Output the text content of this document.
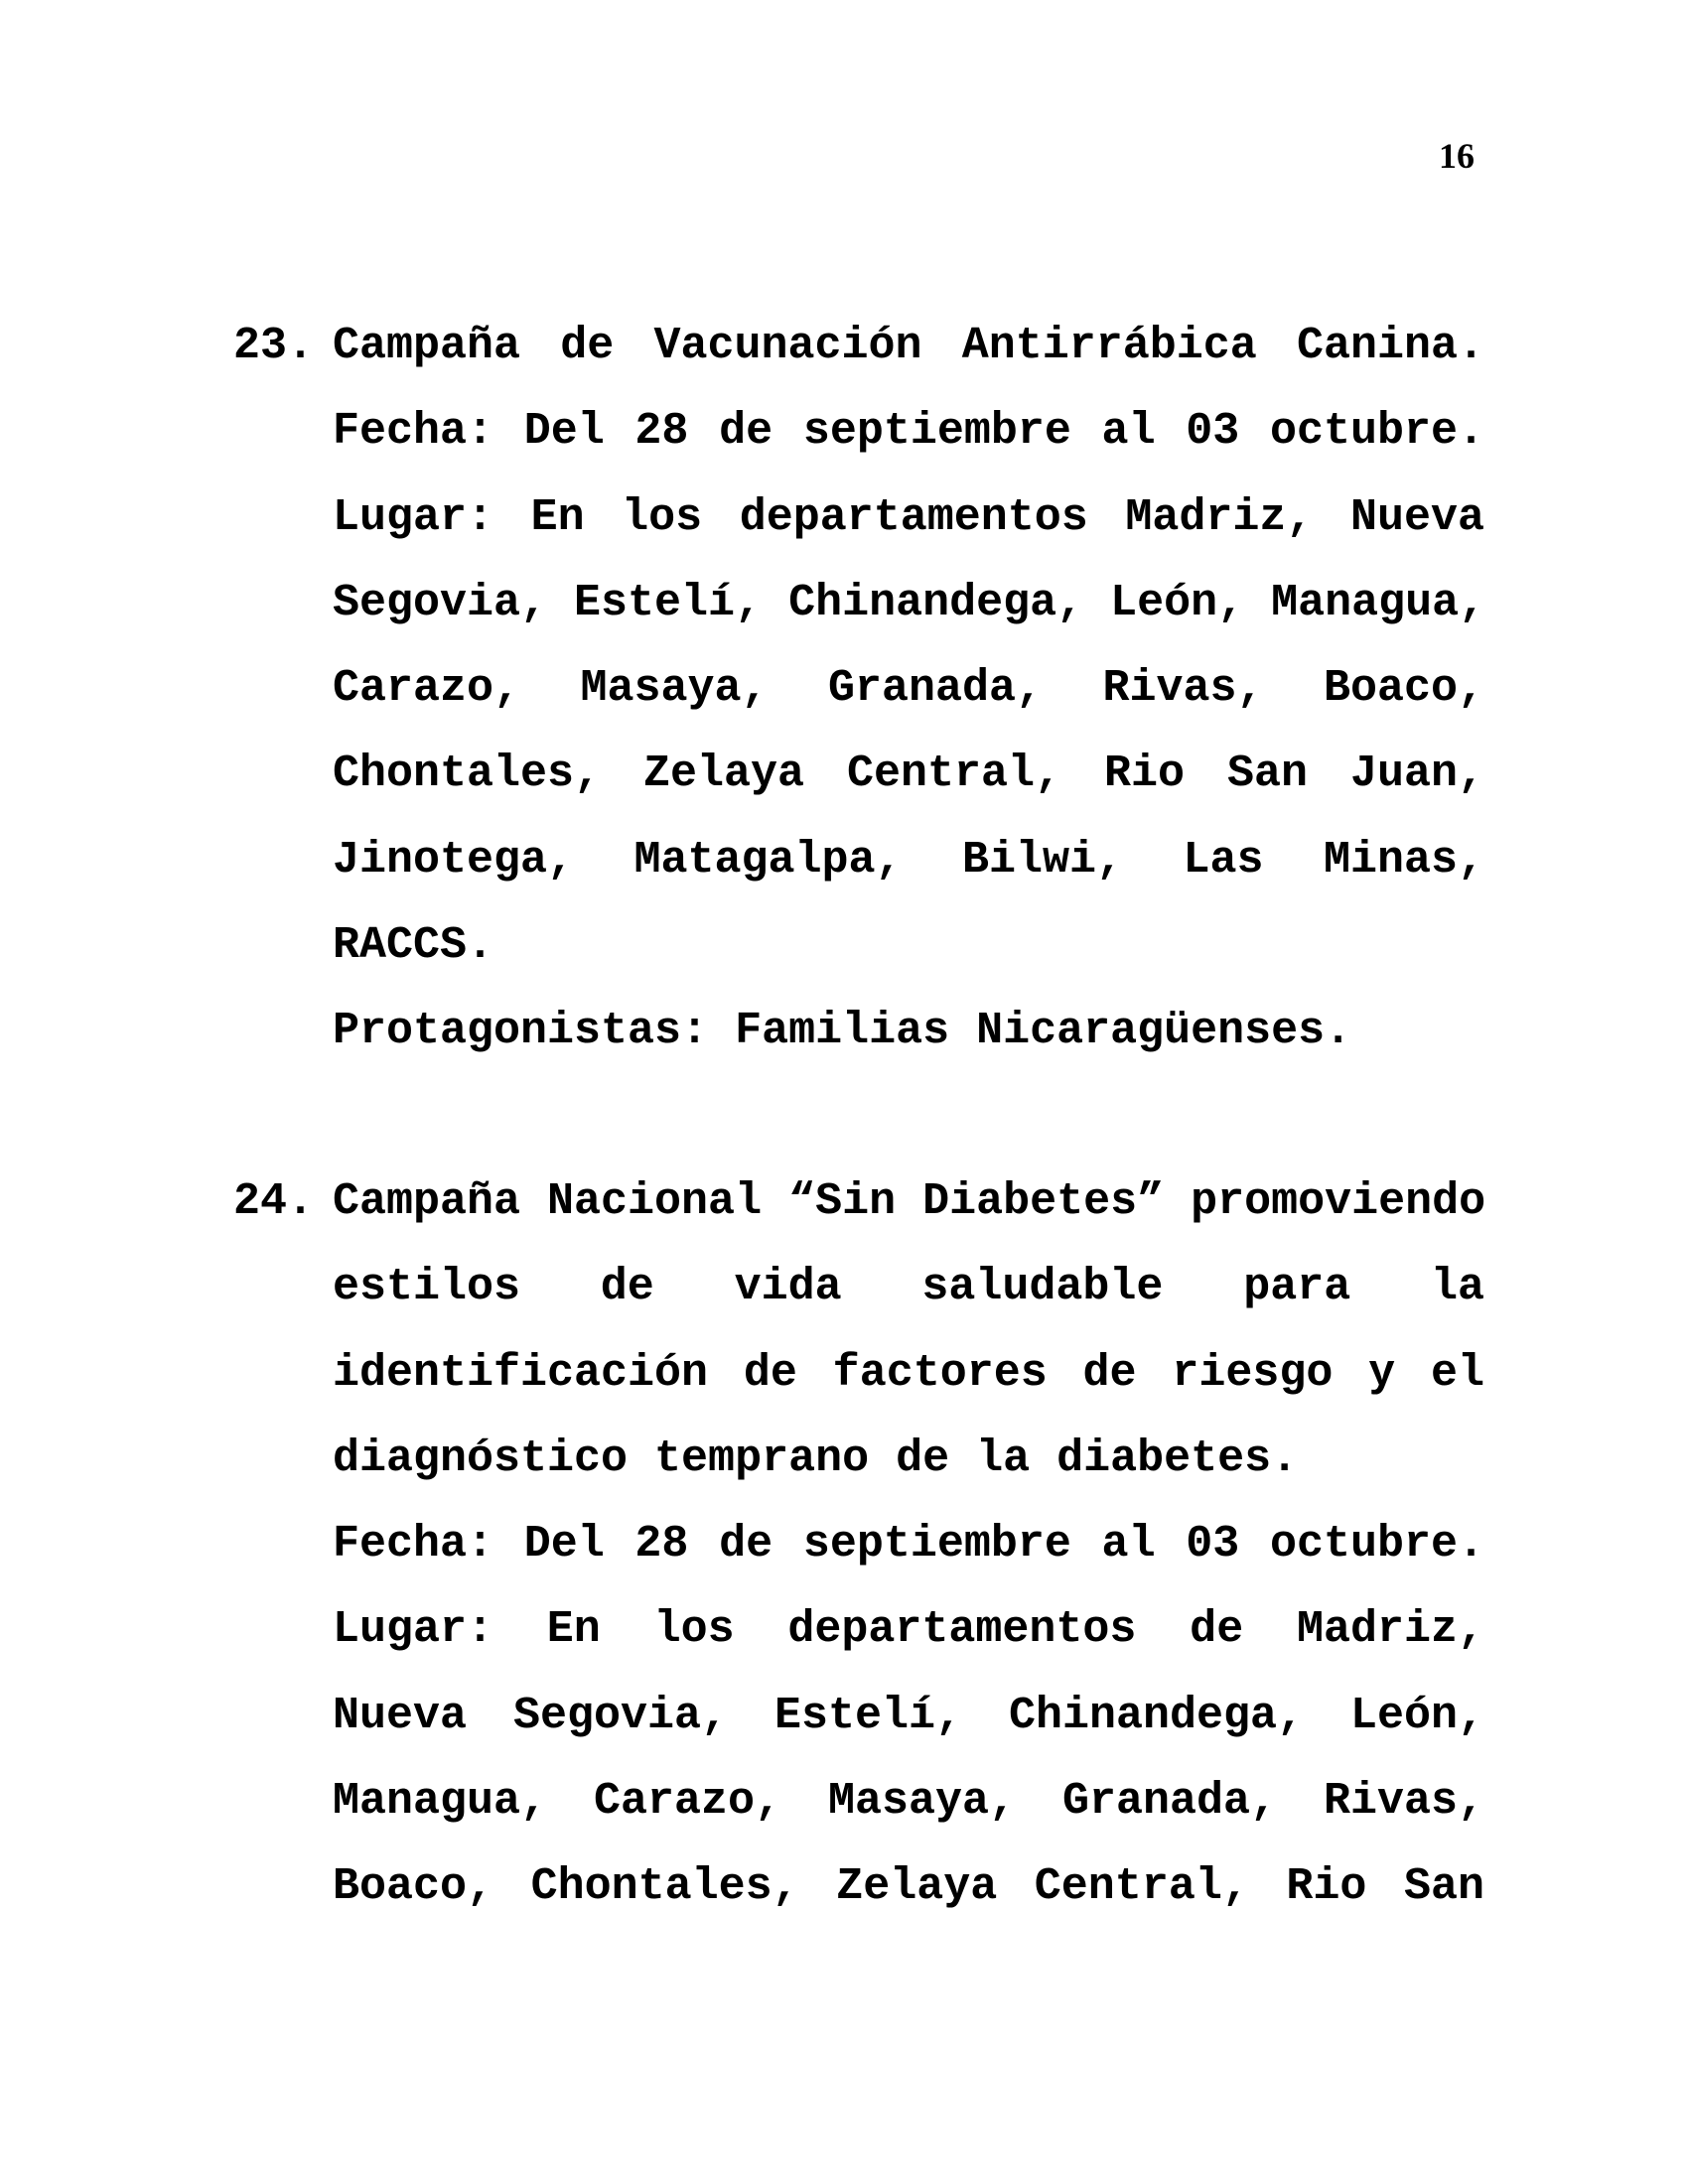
16
23. Campaña de Vacunación Antirrábica Canina.
Fecha: Del 28 de septiembre al 03 octubre.
Lugar: En los departamentos Madriz, Nueva
Segovia, Estelí, Chinandega, León, Managua,
Carazo, Masaya, Granada, Rivas, Boaco,
Chontales, Zelaya Central, Rio San Juan,
Jinotega, Matagalpa, Bilwi, Las Minas,
RACCS.
Protagonistas: Familias Nicaragüenses.
24. Campaña Nacional “Sin Diabetes” promoviendo
estilos de vida saludable para la
identificación de factores de riesgo y el
diagnóstico temprano de la diabetes.
Fecha: Del 28 de septiembre al 03 octubre.
Lugar: En los departamentos de Madriz,
Nueva Segovia, Estelí, Chinandega, León,
Managua, Carazo, Masaya, Granada, Rivas,
Boaco, Chontales, Zelaya Central, Rio San
